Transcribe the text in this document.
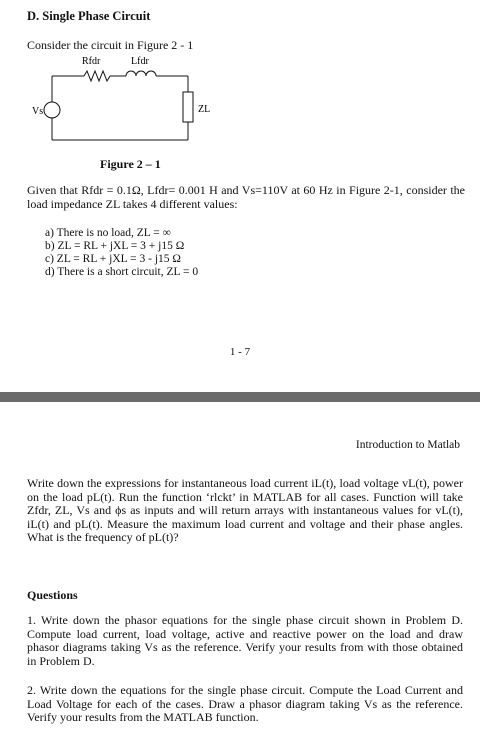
D. Single Phase Circuit
Consider the circuit in Figure 2 - 1
Rfdr	Lfdr
Vs	ZL
Figure 2 – 1
Given that Rfdr = 0.1Ω, Lfdr= 0.001 H and Vs=110V at 60 Hz in Figure 2-1, consider the load impedance ZL takes 4 different values:
a) There is no load, ZL = ∞
b) ZL = RL + jXL = 3 + j15 Ω
c) ZL = RL + jXL = 3 - j15 Ω
d) There is a short circuit, ZL = 0
1 - 7
Introduction to Matlab
Write down the expressions for instantaneous load current iL(t), load voltage vL(t), power on the load pL(t). Run the function ‘rlckt’ in MATLAB for all cases. Function will take Zfdr, ZL, Vs and ϕs as inputs and will return arrays with instantaneous values for vL(t), iL(t) and pL(t). Measure the maximum load current and voltage and their phase angles. What is the frequency of pL(t)?
Questions
1. Write down the phasor equations for the single phase circuit shown in Problem D. Compute load current, load voltage, active and reactive power on the load and draw phasor diagrams taking Vs as the reference. Verify your results from with those obtained in Problem D.
2. Write down the equations for the single phase circuit. Compute the Load Current and Load Voltage for each of the cases. Draw a phasor diagram taking Vs as the reference. Verify your results from the MATLAB function.
